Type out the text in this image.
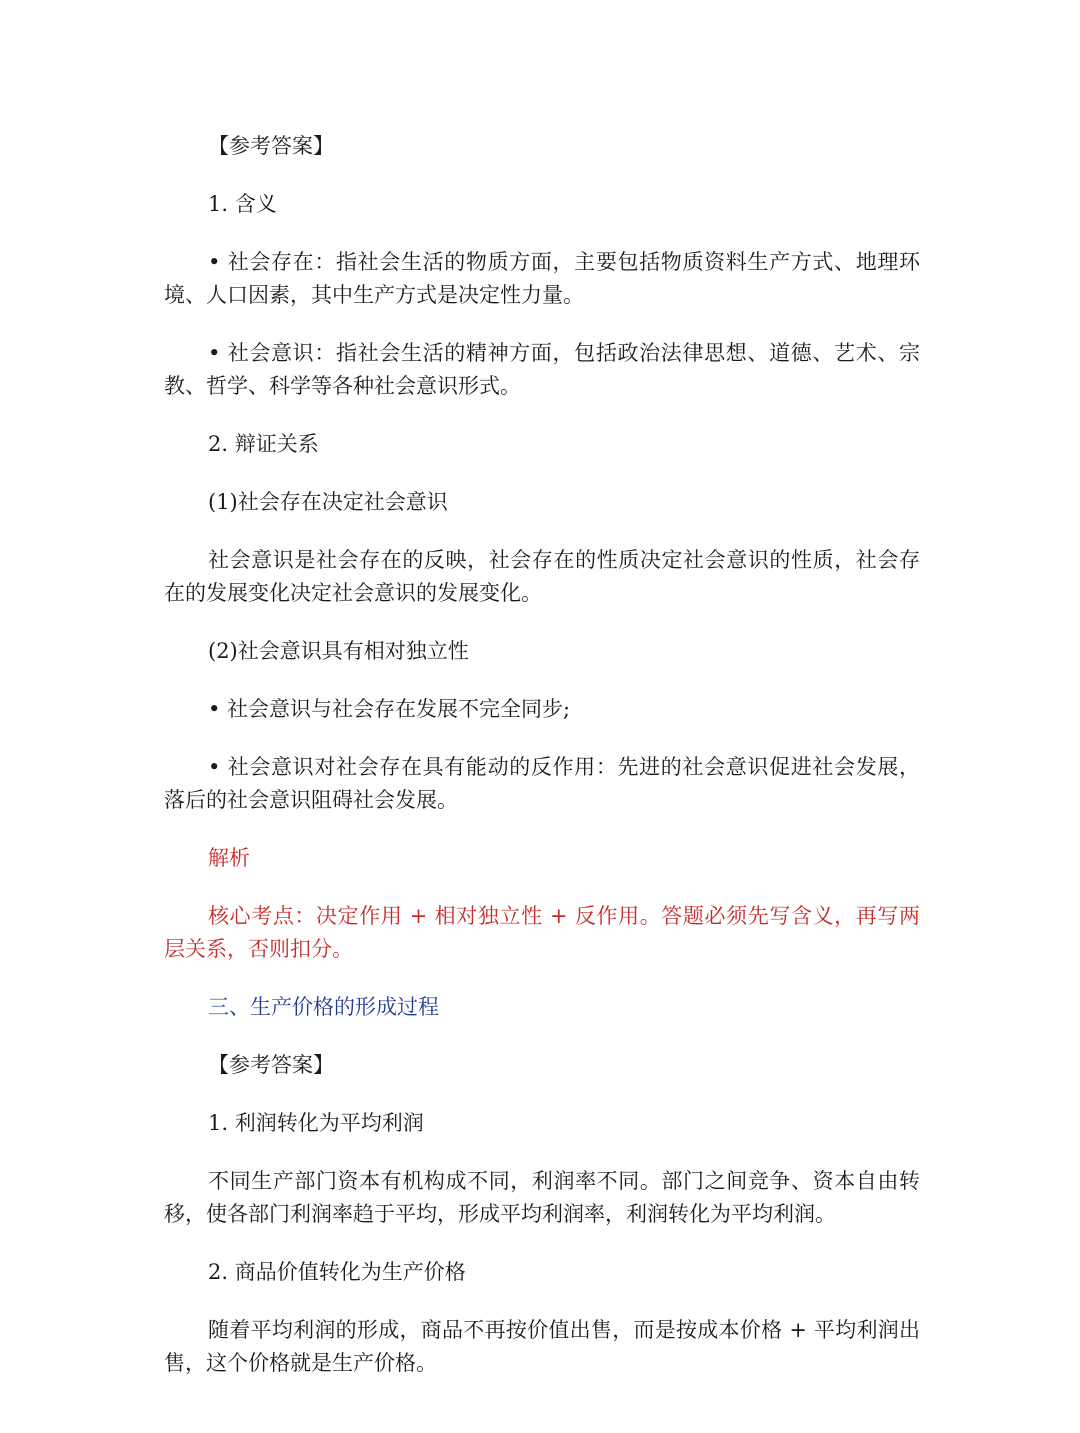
【参考答案】

1. 含义

• 社会存在：指社会生活的物质方面，主要包括物质资料生产方式、地理环境、人口因素，其中生产方式是决定性力量。

• 社会意识：指社会生活的精神方面，包括政治法律思想、道德、艺术、宗教、哲学、科学等各种社会意识形式。

2. 辩证关系

(1)社会存在决定社会意识

社会意识是社会存在的反映，社会存在的性质决定社会意识的性质，社会存在的发展变化决定社会意识的发展变化。

(2)社会意识具有相对独立性

• 社会意识与社会存在发展不完全同步;

• 社会意识对社会存在具有能动的反作用：先进的社会意识促进社会发展，落后的社会意识阻碍社会发展。

解析

核心考点：决定作用 + 相对独立性 + 反作用。答题必须先写含义，再写两层关系，否则扣分。

三、生产价格的形成过程

【参考答案】

1. 利润转化为平均利润

不同生产部门资本有机构成不同，利润率不同。部门之间竞争、资本自由转移，使各部门利润率趋于平均，形成平均利润率，利润转化为平均利润。

2. 商品价值转化为生产价格

随着平均利润的形成，商品不再按价值出售，而是按成本价格 + 平均利润出售，这个价格就是生产价格。
